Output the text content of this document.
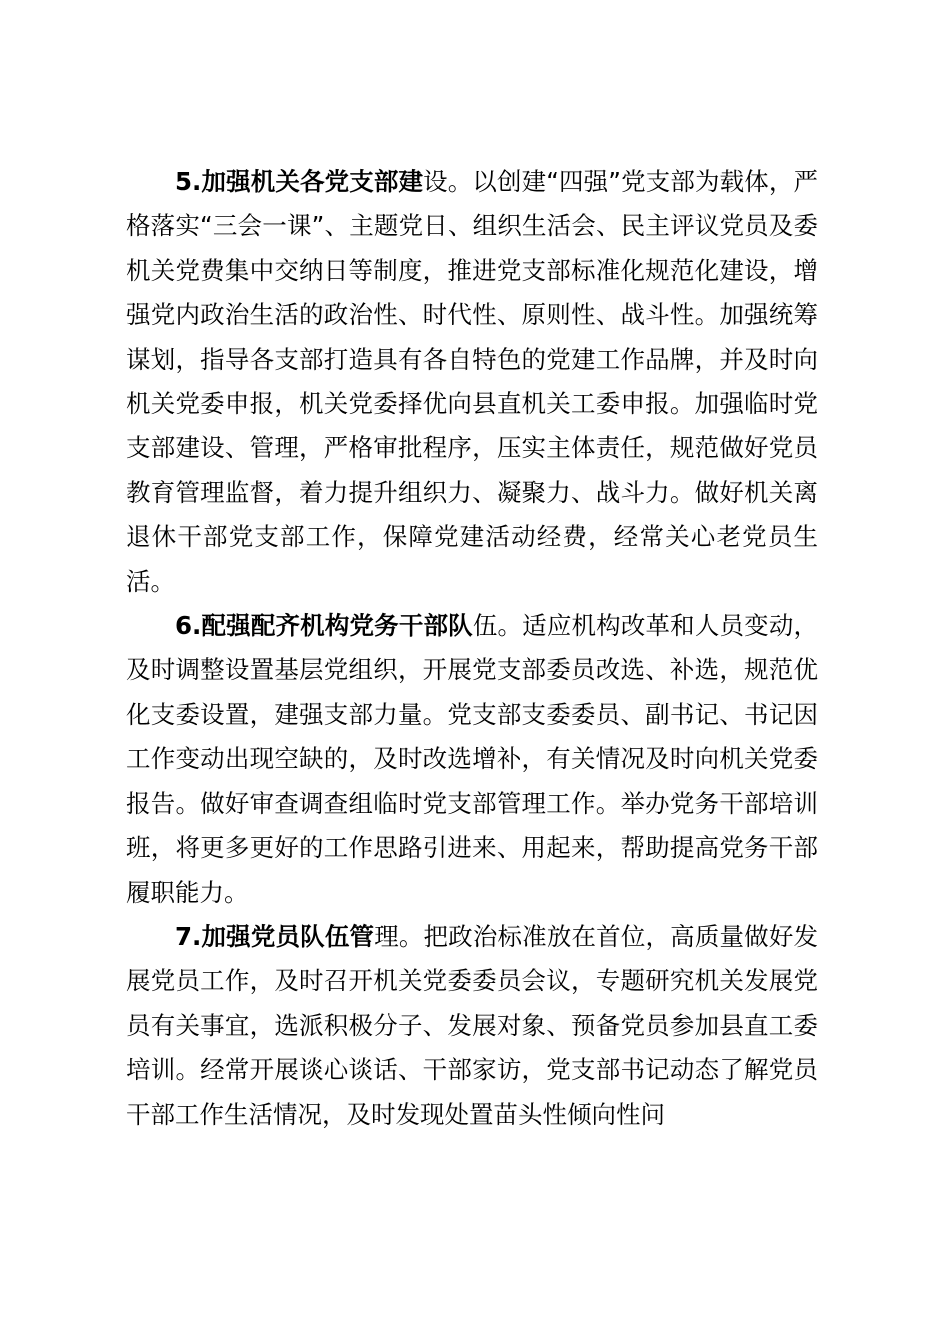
5.加强机关各党支部建设。以创建“四强”党支部为载体，严格落实“三会一课”、主题党日、组织生活会、民主评议党员及委机关党费集中交纳日等制度，推进党支部标准化规范化建设，增强党内政治生活的政治性、时代性、原则性、战斗性。加强统筹谋划，指导各支部打造具有各自特色的党建工作品牌，并及时向机关党委申报，机关党委择优向县直机关工委申报。加强临时党支部建设、管理，严格审批程序，压实主体责任，规范做好党员教育管理监督，着力提升组织力、凝聚力、战斗力。做好机关离退休干部党支部工作，保障党建活动经费，经常关心老党员生活。

6.配强配齐机构党务干部队伍。适应机构改革和人员变动，及时调整设置基层党组织，开展党支部委员改选、补选，规范优化支委设置，建强支部力量。党支部支委委员、副书记、书记因工作变动出现空缺的，及时改选增补，有关情况及时向机关党委报告。做好审查调查组临时党支部管理工作。举办党务干部培训班，将更多更好的工作思路引进来、用起来，帮助提高党务干部履职能力。

7.加强党员队伍管理。把政治标准放在首位，高质量做好发展党员工作，及时召开机关党委委员会议，专题研究机关发展党员有关事宜，选派积极分子、发展对象、预备党员参加县直工委培训。经常开展谈心谈话、干部家访，党支部书记动态了解党员干部工作生活情况，及时发现处置苗头性倾向性问
